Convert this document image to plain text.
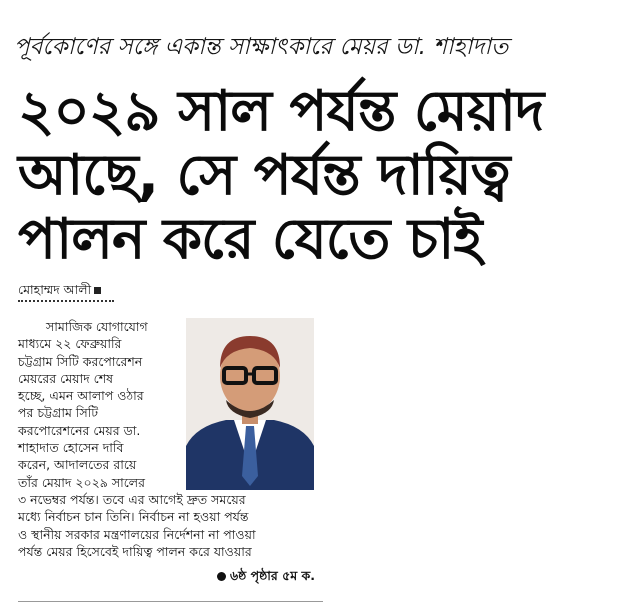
পূর্বকোণের সঙ্গে একান্ত সাক্ষাৎকারে মেয়র ডা. শাহাদাত
২০২৯ সাল পর্যন্ত মেয়াদ
আছে, সে পর্যন্ত দায়িত্ব
পালন করে যেতে চাই
মোহাম্মদ আলী

সামাজিক যোগাযোগ

মাধ্যমে ২২ ফেব্রুয়ারি

চট্টগ্রাম সিটি করপোরেশন

মেয়রের মেয়াদ শেষ

হচ্ছে, এমন আলাপ ওঠার

পর চট্টগ্রাম সিটি

করপোরেশনের মেয়র ডা.

শাহাদাত হোসেন দাবি

করেন, আদালতের রায়ে

তাঁর মেয়াদ ২০২৯ সালের

৩ নভেম্বর পর্যন্ত। তবে এর আগেই দ্রুত সময়ের

মধ্যে নির্বাচন চান তিনি। নির্বাচন না হওয়া পর্যন্ত

ও স্থানীয় সরকার মন্ত্রণালয়ের নির্দেশনা না পাওয়া

পর্যন্ত মেয়র হিসেবেই দায়িত্ব পালন করে যাওয়ার

৬ষ্ঠ পৃষ্ঠার ৫ম ক.
